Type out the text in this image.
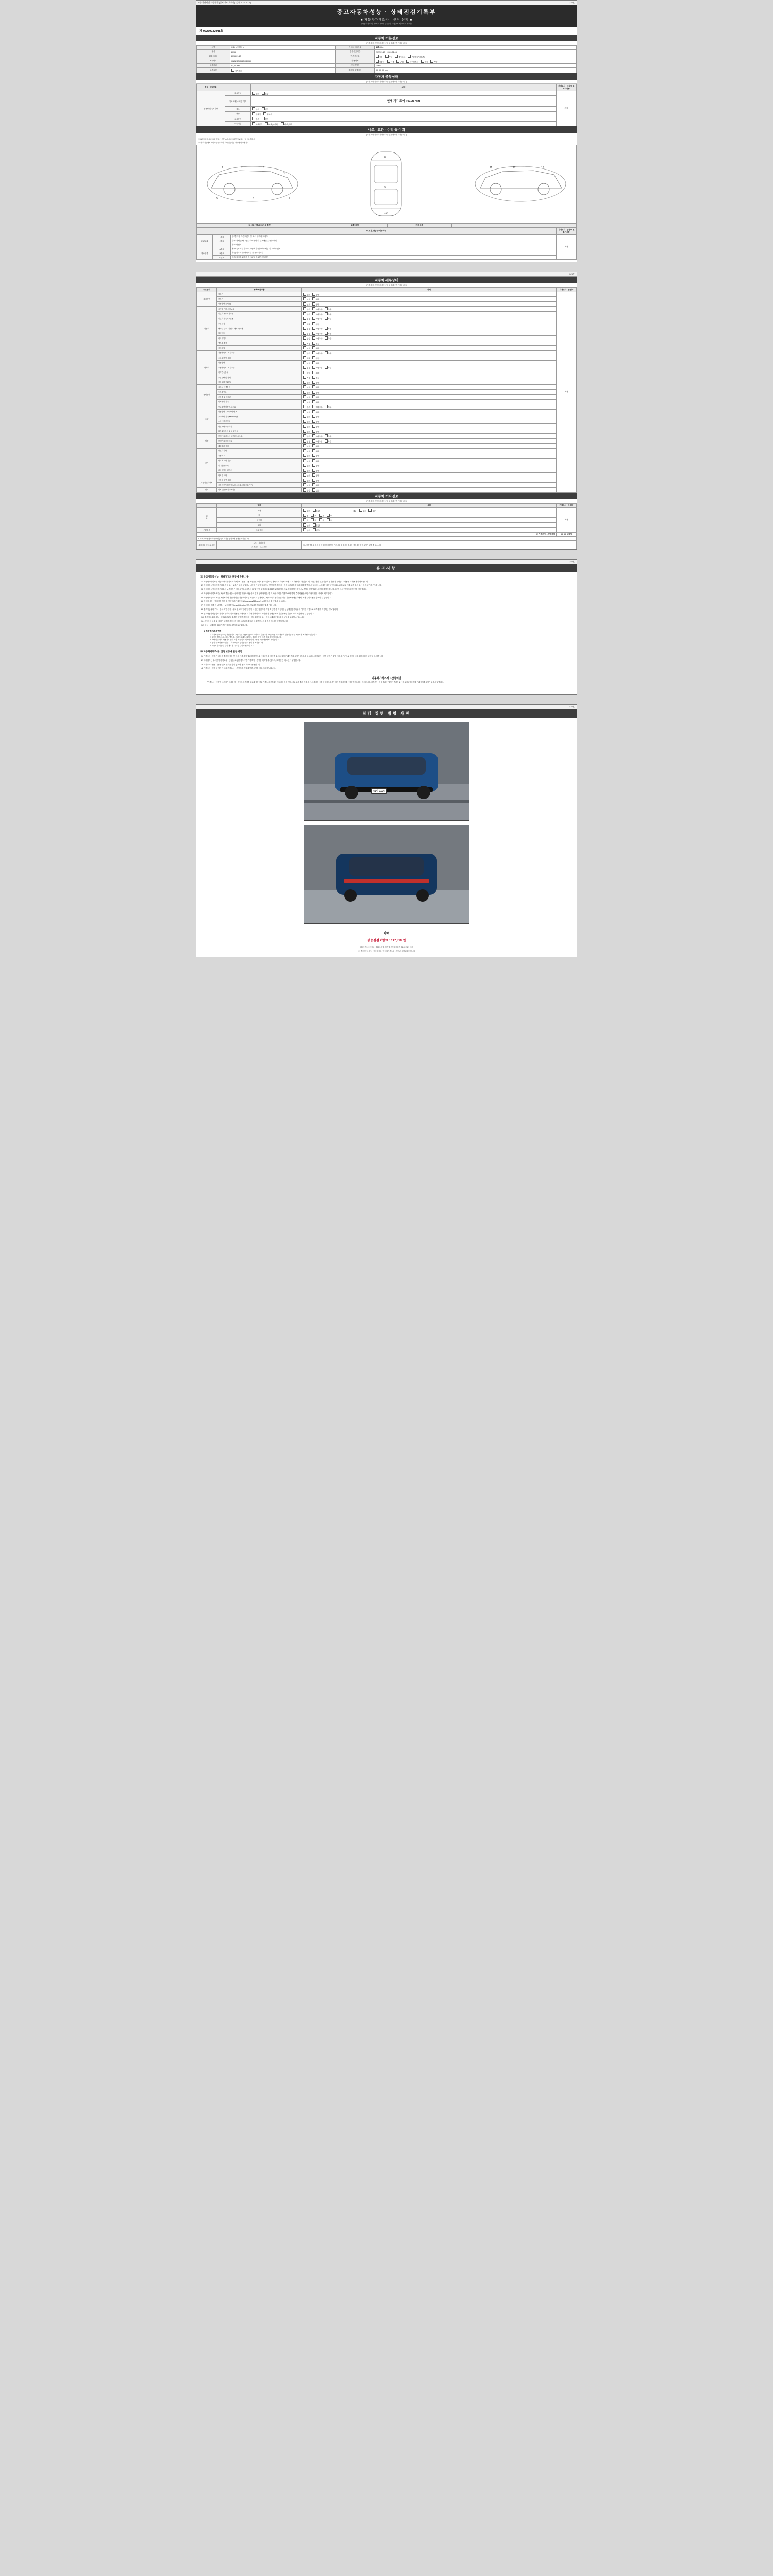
자동차관리법 시행규칙 [별지 제82호서식] (앞쪽 2021.1.13.)	(1/4면)
중고자동차성능 · 상태점검기록부
■ 자동차가격조사 · 산정 선택 ■
(자동차관리법 제58조 제1항, 같은 법 시행규칙 제120조 제1항)
제 02260032945호
자동차 기본정보
(가격조사·산정자가 해당사항 있을때에만 기재합니다)
차명	(K6) (4도어급 )	자동차등록번호	45수1194
연식	2016	검사유효기간	2022-01-17 ~ 2024-01-16
최초등록일	2016-01-17	변속기종류	자동 수동 세미오토 무단변속기(CVT)
차대번호	KNAESCJA62FG40069	사용연료	가솔린 디젤 LPG 하이브리드 전기 기타
주행거리	91,257km	원동기형식	G4FG
보증유형	자가보증	계기상 주행거리	0 0 0 0 0 0 km
자동차 종합상태
(가격조사·산정자가 해당사항 있을때에만 기재합니다)
항목 / 해당부품		상태	가격조사 · 산정액 및 특기사항
전용성 및 특기사항	주요장치	양호 불량	적정
	사고·교환·수리 등 이력	현재 계기 표시 : 91,257km	

	침수	없음 있음	
	색상	무채색 유채색	
	주요옵션	없음 있음	
	리콜대상	해당없음 해당(미이행) 해당(이행)	
사고 · 교환 · 수리 등 이력
(가격조사·산정자가 해당사항 있을때에만 기재합니다)
※ (교체) X 표시 / ※ (판금 또는 용접) A 표시 / ※ (부식) W 표시 / ※ (흠) T 표시
※ 하부 점검에서 육안가능구조이며, 기타 위별적인 상태에 변화에 참고
1	2	3
4
5	6	7
8
9
10
11	12	13
※ 사고이력 (교차/사고 추정)	교환(교체)	판금·용접	
※ 교환, 판금 등 이상 부위			가격조사 · 산정액 및 특기사항
외판부위	1랭크	① 후드 ② 프론트팬더 ③ 도어 ④ 트렁크리드	적정
	2랭크	⑤ 로커패널(좌/우) ⑥ 리어팬더 ⑦ 루프패널 ⑧ 필러패널	
		⑨ 리어범퍼	
주요골격	A랭크	⑩ 프론트패널 ⑪ 크로스멤버 ⑫ 인사이드패널 ⑬ 사이드멤버	
	B랭크	⑭ 휠하우스 ⑮ 대시패널 ⑯ 플로어패널	
	C랭크	⑰ 트렁크플로어 ⑱ 리어패널 ⑲ 패키지트레이	
(2/4면)
자동차 세부상태
(가격조사·산정자가 해당사항 있을때에만 기재합니다)
주요장치	항목/해당부품	상태	가격조사 · 산정액
자기진단	원동기	양호 불량	적정
	변속기	양호 불량	
	작동상태(공회전)	양호 불량	
원동기	로커암 커버 오일누유	없음 미세누유 누유	
	실린더 헤드 / 가스켓	없음 미세누유 누유	
	실린더 블록 / 오일팬	없음 미세누유 누유	
	오일 유량	적정 부족	
	냉각수 누수 - 실린더 헤드/가스켓	없음 미세누수 누수	
	워터펌프	없음 미세누수 누수	
	라디에이터	없음 미세누수 누수	
	냉각수 수량	적정 부족	
	커먼레일	양호 불량	
변속기	자동변속기 - 오일누유	없음 미세누유 누유	
	오일유량 및 상태	적정 부족	
	작동상태	양호 불량	
	수동변속기 - 오일누유	없음 미세누유 누유	
	기어변속장치	양호 불량	
	오일유량 및 상태	적정 부족	
	작동상태(공회전)	양호 불량	
동력전달	클러치 어셈블리	양호 불량	
	등속조인트	양호 불량	
	추진축 및 베어링	양호 불량	
	디퍼렌셜 기어	양호 불량	
조향	동력조향 작동 오일누유	없음 미세누유 누유	
	작동상태 - 스티어링 펌프	양호 불량	
	스티어링 기어(MDPS포함)	양호 불량	
	스티어링 조인트	양호 불량	
	파워크랭크/링키지	양호 불량	
	타이로드엔드 및 볼 조인트	양호 불량	
제동	브레이크 마스터 실린더오일누유	없음 미세누유 누유	
	브레이크 오일 누유	없음 미세누유 누유	
	배력장치 상태	양호 불량	
전기	발전기 출력	양호 불량	
	시동 모터	양호 불량	
	와이퍼 모터 기능	양호 불량	
	실내송풍 모터	양호 불량	
	라디에이터 팬 모터	양호 불량	
	윈도우 모터	양호 불량	
고전원전기장치	충전구 절연 상태	양호 불량	
	고전원전기배선 상태(접속단자,피복,보호기구)	양호 불량	
연료	연료누출(LP가스포함)	없음 있음	
자동차 기타정보
(가격조사·산정자가 해당사항 있을때에만 기재합니다)
	항목	상태	가격조사 · 산정액
외관	외관	양호 불량 내관 양호 불량	적정
	휠	전 후 좌 우	
	타이어	전 후 좌 우	
	유리	양호 불량	
기본품목	보유상태	없음 있음	
※ 가격조사 · 산정 금액			0 0 0 0 0 원정
※ 가격조사·산정가격과 상태항목의 가격을 합산하여 산정한 가격입니다.			
특기사항 및 주요옵션	성능 · 상태점검	튜닝불법여부 있음, 성능·상태점검기록부란 기재사항 및 중고차 특성상 비용부담 항목 도색은 있을 수 있습니다.	
	가격조사 · 조사산정		
(3/4면)
유의사항
※ 중고자동차성능 · 상태점검과 보증에 관한 사항
1. 자동차매매업자는 성능 · 상태점검기록부(제1조 · 산정 내용 포함)를 고객이 볼 수 있도록 게시하고 자동차 거래 시 교부할 의무가 있습니다. 다만, 점검 유효기간이 경과한 경우에는 그 내용을 고객에게 알려야 합니다.
2. 자동차성능상태점검기록부 작성 또는 교부가 되지 않았거나 내용과 사실이 다르거나 부정확한 경우에는 자동차관리법에 따라 제재를 받을 수 있으며, 소비자는 자동차인도일로부터 30일 이내 보증 수리 또는 비용 청구가 가능합니다.
3. 자동차성능상태점검기록부의 보증기간은 자동차인도일로부터 30일 이상, 주행거리 2,000킬로미터 이상으로 설정하여야 하며, 보증책임 선택범위에서 이행하여야 합니다. 다만, 그 중 먼저 도래한 것을 적용합니다.
4. 자동차매매업자 또는 보증기관은 성능 · 상태점검내용과 자동차의 실제 상태가 다른 경우 보증 수리를 이행하여야 하며, 수리비용은 보증기관의 범위 내에서 처리됩니다.
5. 자동차보증수리 또는 보험처리에 관한 사항은 자동차인도일 기준으로 결정되며, 보증수리가 불가능한 경우 자동차매매업자에게 직접 수리비용을 청구할 수 있습니다.
6. 자동차 성능 · 상태점검 이력 및 정비이력은 자동차365(www.car365.go.kr) 누리집에서 확인할 수 있습니다.
7. 자동차의 침수 사실 여부는 보험개발원(www.kidi.or.kr) 카히스토리를 통해 확인할 수 있습니다.
8. 중고자동차의 구조 · 장치 확인 검사 · 사고 및 교체이력 등 기재 내용은 점검자가 직접 확인한 후 자동차성능상태점검기록부에 기재한 사항으로 고객에게 제공하는 정보입니다.
9. 중고자동차성능상태점검기록부의 기재내용을 고객에게 고지하지 아니하고 계약한 경우에는 소비자분쟁해결기준에 따라 배상받을 수 있습니다.
10. 중고자동차의 성능 · 상태와 관련된 분쟁이 발생한 경우에는 한국소비자원 또는 자동차매매사업조합에 상담을 요청할 수 있습니다.
11. 자동차의 구조 및 장치가 변경된 경우에는 자동차관리법에 따라 구조변경 승인을 받은 후 사용하여야 합니다.
12. 성능 · 상태점검 유효기간은 점검일로부터 120일입니다.
5. 보증범위(보증항목)
1) 하자보증(보증수리) 책임범위에 포함되는 고장(사유)이라 하더라도 부품 노후 또는 자연 마모 현상이 인정되는 경우 보증에서 제외될 수 있습니다.
2) 소모성 부품(오일, 필터, 냉각수, 브레이크 패드, 타이어, 배터리 등)은 보증 범위에서 제외됩니다.
3) 차량 인수 이후 사용자의 관리 소홀 또는 임의 개조에 의한 고장은 보증 대상에서 제외됩니다.
4) 점검 시 확인할 수 없는 내부 구조물의 결함은 별도 협의 후 처리합니다.
5) 보증기간 내 동일 부위 재고장 시 무상 수리가 원칙입니다.
※ 자동차가격조사 · 산정 보증에 관한 사항
1. 가격조사 · 산정은 매매용 중고차 성능 및 사고 이력 조사 결과를 바탕으로 산정금액을 기재한 것으로 실제 거래가격과 차이가 있을 수 있습니다. 가격조사 · 산정 금액은 해당 시점을 기준으로 하며, 시장 상황에 따라 변동될 수 있습니다.
2. 매매업자는 매수인이 가격조사 · 산정을 요청한 경우에만 가격조사 · 산정을 의뢰할 수 있으며, 그 비용은 매수인이 부담합니다.
3. 가격조사 · 산정 내용은 법적 효력을 갖지 않으며, 참고 자료로 활용됩니다.
4. 가격조사 · 산정 금액은 자동차 가격조사 · 산정자가 직접 확인한 사항을 기준으로 작성됩니다.
자동차가격조사 · 산정이안
"가격조사 · 산정"은 소비자가 매매하려는 자동차의 가격을 알고자 하는 경우 가격조사·산정자가 자동차의 성능·상태, 사고·교환·수리 이력, 옵션, 주행거리 등을 종합적으로 조사하여 적정 가격을 산정하여 제시하는 제도입니다. 가격조사 · 산정 결과는 법적 구속력이 없는 참고자료이며 실제 거래금액과 차이가 있을 수 있습니다.
(4/4면)
점검 장면 촬영 사진
45수 1194
서명
성능점검보험료 : 117,810 원
[주] 가격조사산정료 : 제50조에 및 공단 및 산정료에 따른 제120조4에 의거
[주] 중고자동차성능 · 상태점 검표 ( 자동차가격조사 · 산정 ) 산정결과 확인합니다.
